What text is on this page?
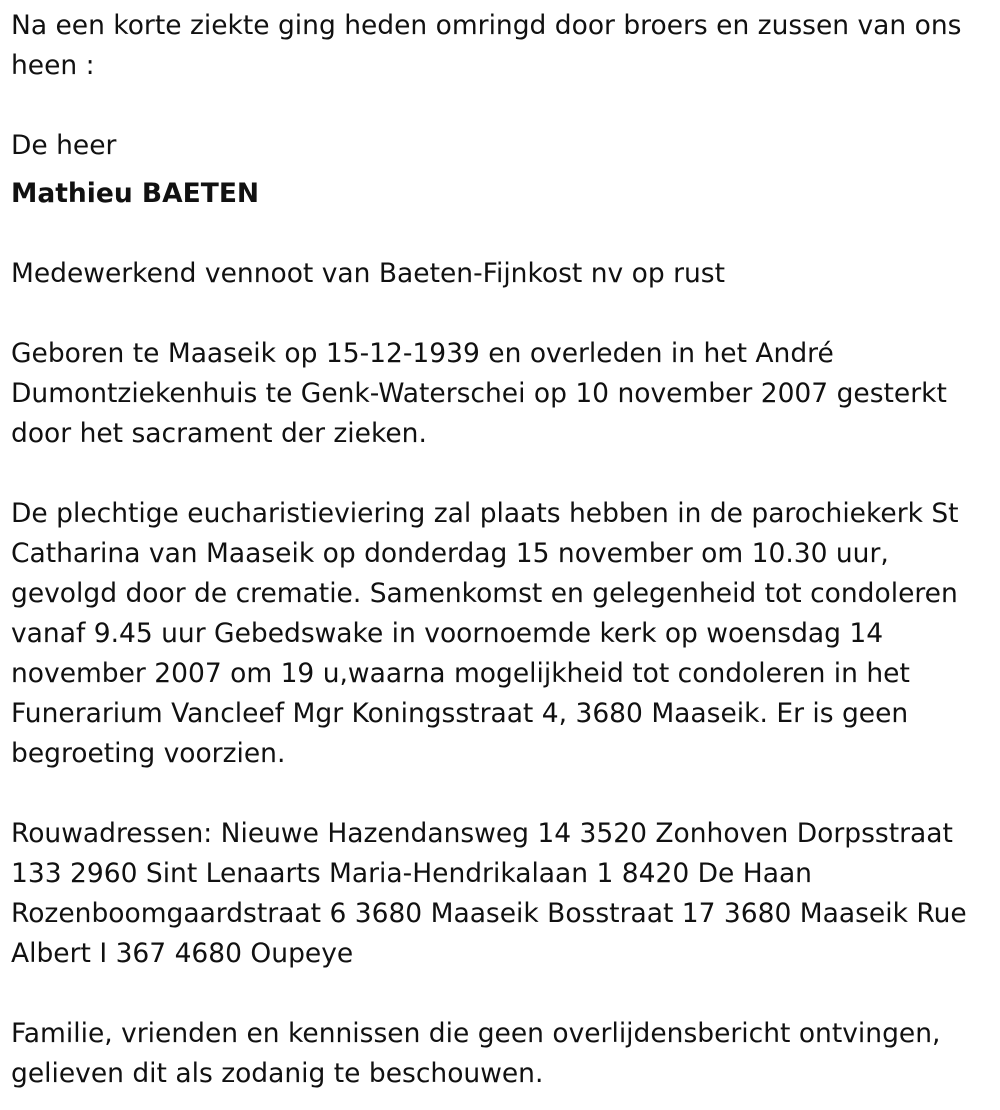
Na een korte ziekte ging heden omringd door broers en zussen van ons heen :

De heer

Mathieu BAETEN

Medewerkend vennoot van Baeten-Fijnkost nv op rust

Geboren te Maaseik op 15-12-1939 en overleden in het André Dumontziekenhuis te Genk-Waterschei op 10 november 2007 gesterkt door het sacrament der zieken.

De plechtige eucharistieviering zal plaats hebben in de parochiekerk St Catharina van Maaseik op donderdag 15 november om 10.30 uur, gevolgd door de crematie. Samenkomst en gelegenheid tot condoleren vanaf 9.45 uur Gebedswake in voornoemde kerk op woensdag 14 november 2007 om 19 u,waarna mogelijkheid tot condoleren in het Funerarium Vancleef Mgr Koningsstraat 4, 3680 Maaseik. Er is geen begroeting voorzien.

Rouwadressen: Nieuwe Hazendansweg 14 3520 Zonhoven Dorpsstraat 133 2960 Sint Lenaarts Maria-Hendrikalaan 1 8420 De Haan Rozenboomgaardstraat 6 3680 Maaseik Bosstraat 17 3680 Maaseik Rue Albert I 367 4680 Oupeye

Familie, vrienden en kennissen die geen overlijdensbericht ontvingen, gelieven dit als zodanig te beschouwen.
